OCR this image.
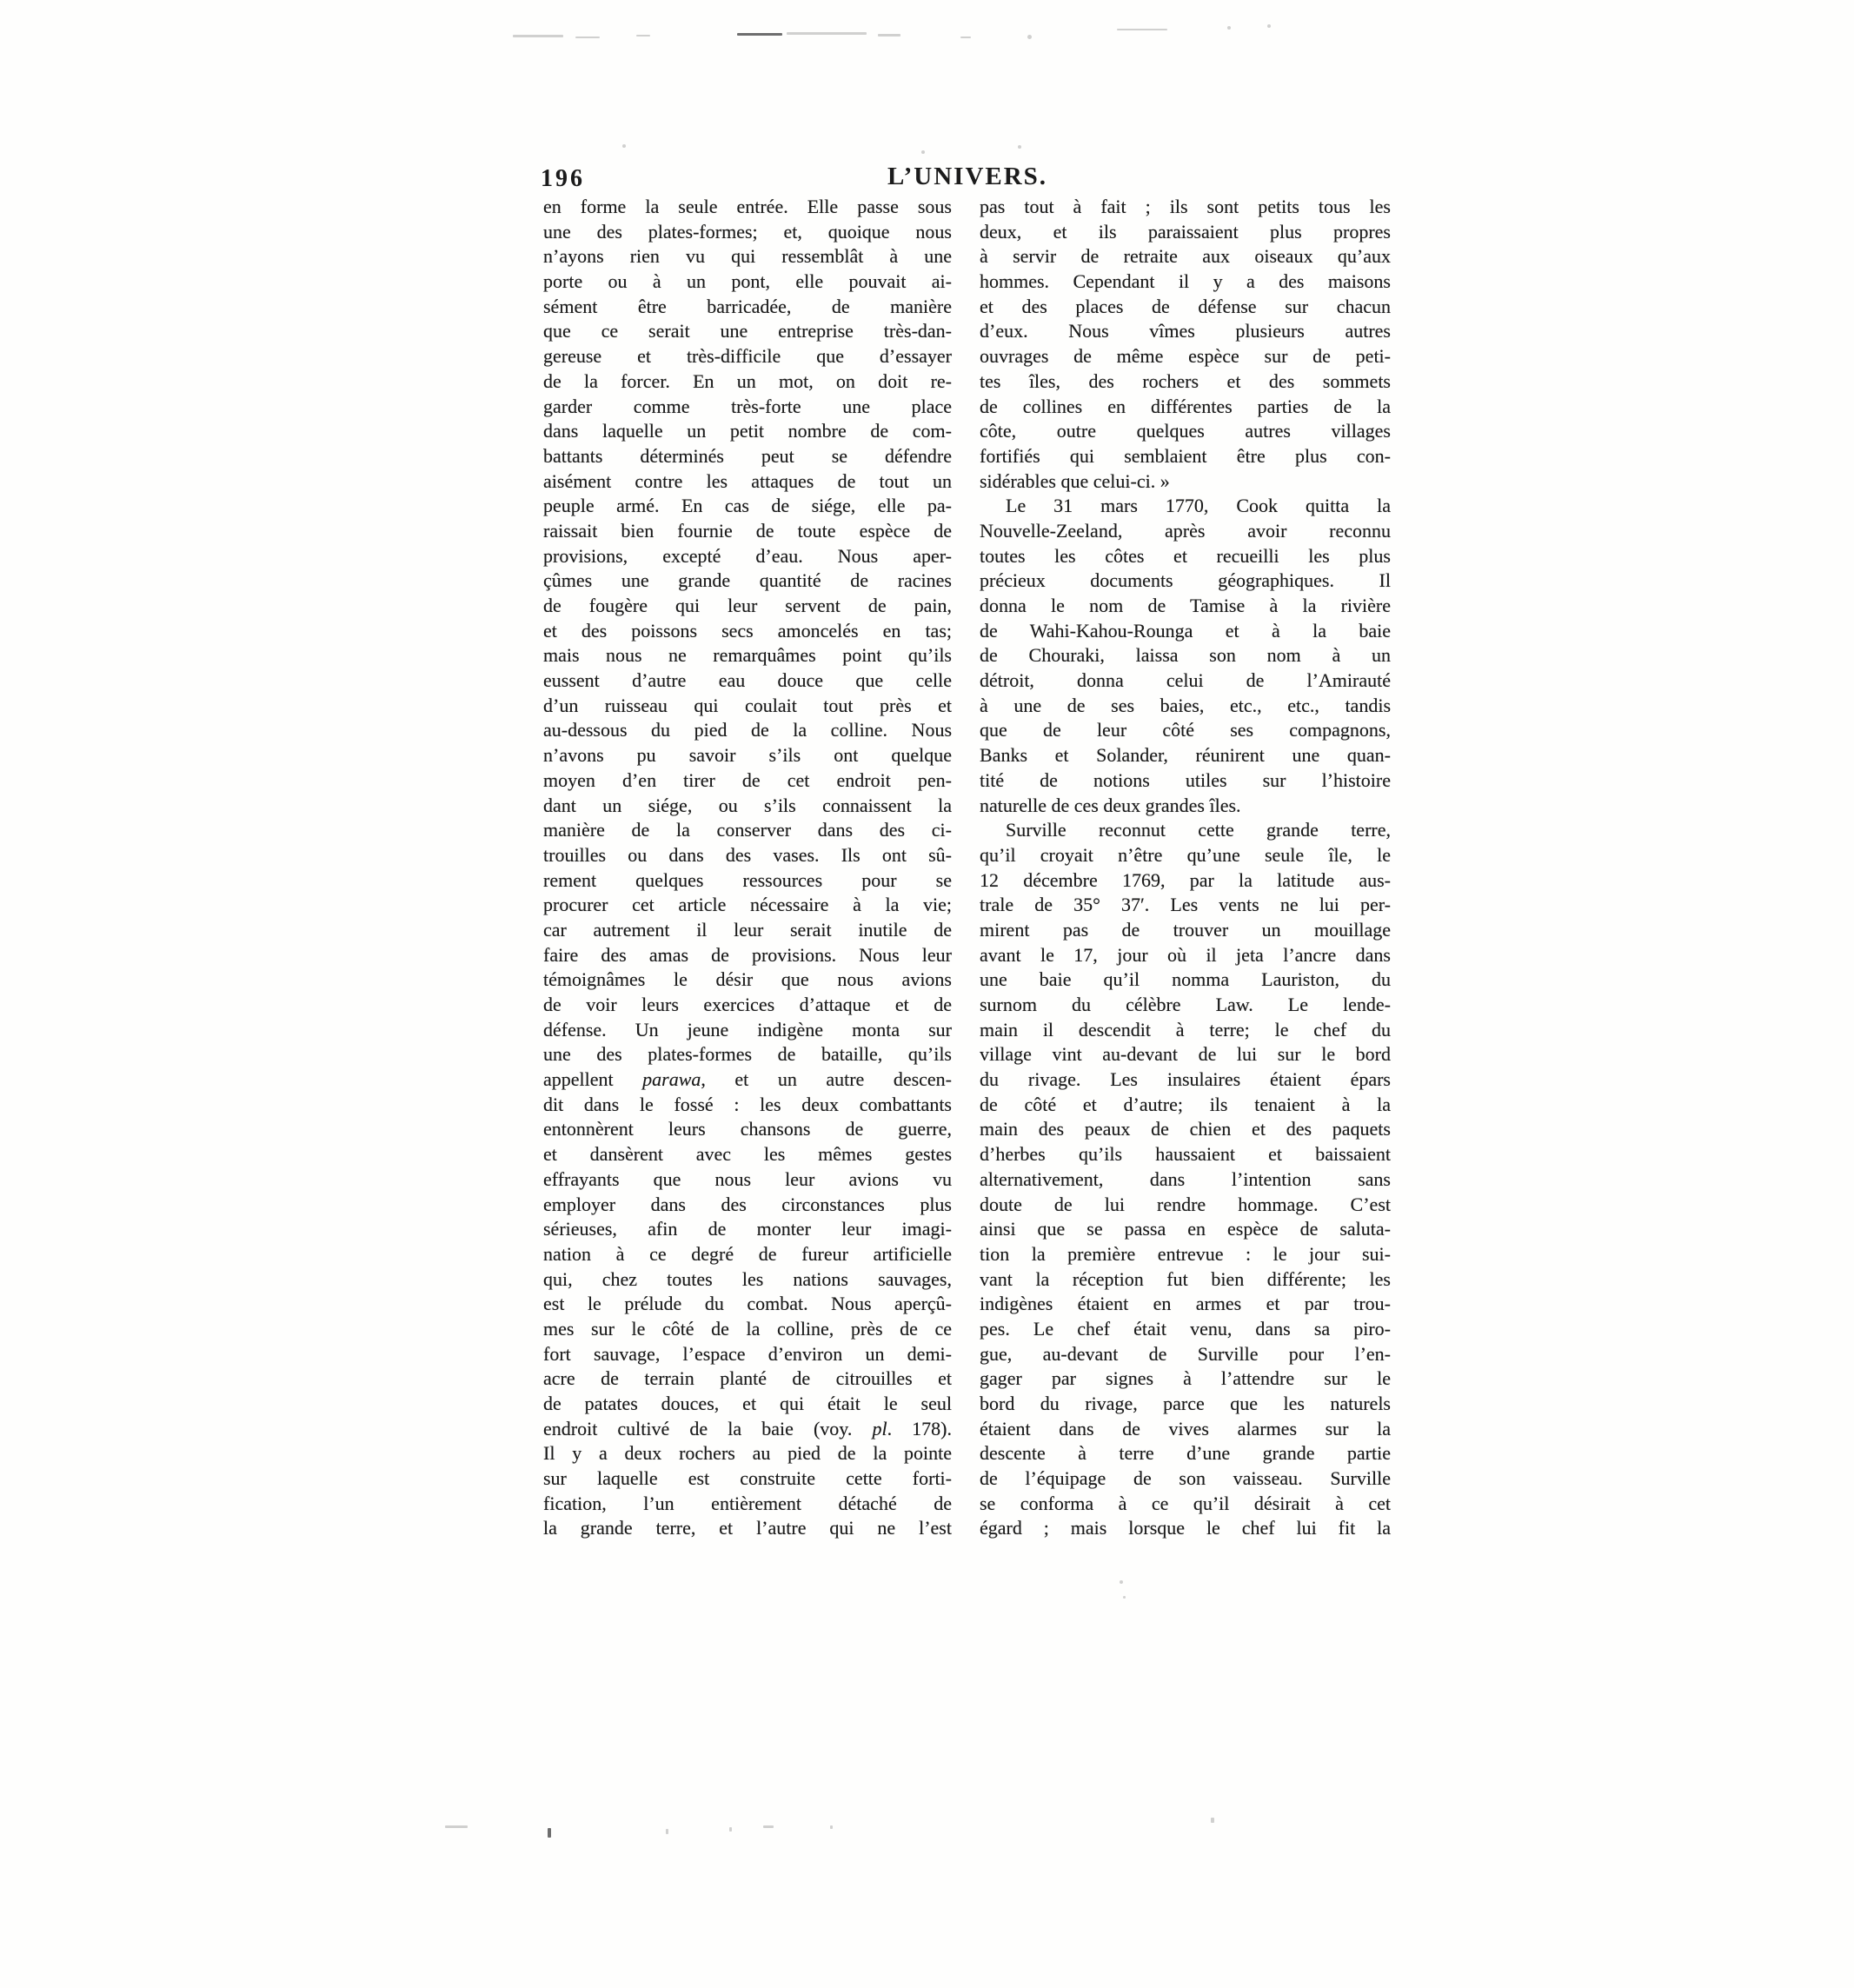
196	L’UNIVERS.
en forme la seule entrée. Elle passe sous
une des plates-formes; et, quoique nous
n’ayons rien vu qui ressemblât à une
porte ou à un pont, elle pouvait ai-
sément être barricadée, de manière
que ce serait une entreprise très-dan-
gereuse et très-difficile que d’essayer
de la forcer. En un mot, on doit re-
garder comme très-forte une place
dans laquelle un petit nombre de com-
battants déterminés peut se défendre
aisément contre les attaques de tout un
peuple armé. En cas de siége, elle pa-
raissait bien fournie de toute espèce de
provisions, excepté d’eau. Nous aper-
çûmes une grande quantité de racines
de fougère qui leur servent de pain,
et des poissons secs amoncelés en tas;
mais nous ne remarquâmes point qu’ils
eussent d’autre eau douce que celle
d’un ruisseau qui coulait tout près et
au-dessous du pied de la colline. Nous
n’avons pu savoir s’ils ont quelque
moyen d’en tirer de cet endroit pen-
dant un siége, ou s’ils connaissent la
manière de la conserver dans des ci-
trouilles ou dans des vases. Ils ont sû-
rement quelques ressources pour se
procurer cet article nécessaire à la vie;
car autrement il leur serait inutile de
faire des amas de provisions. Nous leur
témoignâmes le désir que nous avions
de voir leurs exercices d’attaque et de
défense. Un jeune indigène monta sur
une des plates-formes de bataille, qu’ils
appellent parawa, et un autre descen-
dit dans le fossé : les deux combattants
entonnèrent leurs chansons de guerre,
et dansèrent avec les mêmes gestes
effrayants que nous leur avions vu
employer dans des circonstances plus
sérieuses, afin de monter leur imagi-
nation à ce degré de fureur artificielle
qui, chez toutes les nations sauvages,
est le prélude du combat. Nous aperçû-
mes sur le côté de la colline, près de ce
fort sauvage, l’espace d’environ un demi-
acre de terrain planté de citrouilles et
de patates douces, et qui était le seul
endroit cultivé de la baie (voy. pl. 178).
Il y a deux rochers au pied de la pointe
sur laquelle est construite cette forti-
fication, l’un entièrement détaché de
la grande terre, et l’autre qui ne l’est
pas tout à fait ; ils sont petits tous les
deux, et ils paraissaient plus propres
à servir de retraite aux oiseaux qu’aux
hommes. Cependant il y a des maisons
et des places de défense sur chacun
d’eux. Nous vîmes plusieurs autres
ouvrages de même espèce sur de peti-
tes îles, des rochers et des sommets
de collines en différentes parties de la
côte, outre quelques autres villages
fortifiés qui semblaient être plus con-
sidérables que celui-ci. »
Le 31 mars 1770, Cook quitta la
Nouvelle-Zeeland, après avoir reconnu
toutes les côtes et recueilli les plus
précieux documents géographiques. Il
donna le nom de Tamise à la rivière
de Wahi-Kahou-Rounga et à la baie
de Chouraki, laissa son nom à un
détroit, donna celui de l’Amirauté
à une de ses baies, etc., etc., tandis
que de leur côté ses compagnons,
Banks et Solander, réunirent une quan-
tité de notions utiles sur l’histoire
naturelle de ces deux grandes îles.
Surville reconnut cette grande terre,
qu’il croyait n’être qu’une seule île, le
12 décembre 1769, par la latitude aus-
trale de 35° 37′. Les vents ne lui per-
mirent pas de trouver un mouillage
avant le 17, jour où il jeta l’ancre dans
une baie qu’il nomma Lauriston, du
surnom du célèbre Law. Le lende-
main il descendit à terre; le chef du
village vint au-devant de lui sur le bord
du rivage. Les insulaires étaient épars
de côté et d’autre; ils tenaient à la
main des peaux de chien et des paquets
d’herbes qu’ils haussaient et baissaient
alternativement, dans l’intention sans
doute de lui rendre hommage. C’est
ainsi que se passa en espèce de saluta-
tion la première entrevue : le jour sui-
vant la réception fut bien différente; les
indigènes étaient en armes et par trou-
pes. Le chef était venu, dans sa piro-
gue, au-devant de Surville pour l’en-
gager par signes à l’attendre sur le
bord du rivage, parce que les naturels
étaient dans de vives alarmes sur la
descente à terre d’une grande partie
de l’équipage de son vaisseau. Surville
se conforma à ce qu’il désirait à cet
égard ; mais lorsque le chef lui fit la
